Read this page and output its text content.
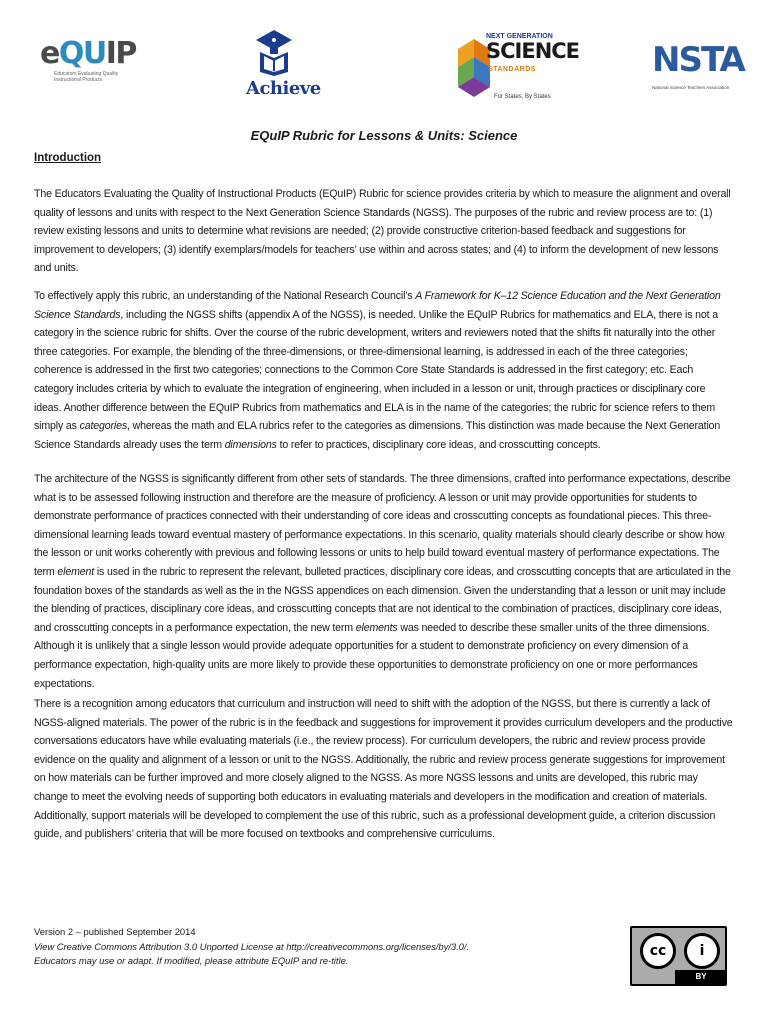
eQUIP
Educators Evaluating Quality Instructional Products	Achieve
NEXT GENERATION
SCIENCE
STANDARDS
For States, By States
NSTA
National Science Teachers Association
EQuIP Rubric for Lessons & Units: Science
Introduction

The Educators Evaluating the Quality of Instructional Products (EQuIP) Rubric for science provides criteria by which to measure the alignment and overall quality of lessons and units with respect to the Next Generation Science Standards (NGSS). The purposes of the rubric and review process are to: (1) review existing lessons and units to determine what revisions are needed; (2) provide constructive criterion-based feedback and suggestions for improvement to developers; (3) identify exemplars/models for teachers’ use within and across states; and (4) to inform the development of new lessons and units.

To effectively apply this rubric, an understanding of the National Research Council’s A Framework for K–12 Science Education and the Next Generation Science Standards, including the NGSS shifts (appendix A of the NGSS), is needed. Unlike the EQuIP Rubrics for mathematics and ELA, there is not a category in the science rubric for shifts. Over the course of the rubric development, writers and reviewers noted that the shifts fit naturally into the other three categories. For example, the blending of the three-dimensions, or three-dimensional learning, is addressed in each of the three categories; coherence is addressed in the first two categories; connections to the Common Core State Standards is addressed in the first category; etc. Each category includes criteria by which to evaluate the integration of engineering, when included in a lesson or unit, through practices or disciplinary core ideas. Another difference between the EQuIP Rubrics from mathematics and ELA is in the name of the categories; the rubric for science refers to them simply as categories, whereas the math and ELA rubrics refer to the categories as dimensions. This distinction was made because the Next Generation Science Standards already uses the term dimensions to refer to practices, disciplinary core ideas, and crosscutting concepts.

The architecture of the NGSS is significantly different from other sets of standards. The three dimensions, crafted into performance expectations, describe what is to be assessed following instruction and therefore are the measure of proficiency. A lesson or unit may provide opportunities for students to demonstrate performance of practices connected with their understanding of core ideas and crosscutting concepts as foundational pieces. This three-dimensional learning leads toward eventual mastery of performance expectations. In this scenario, quality materials should clearly describe or show how the lesson or unit works coherently with previous and following lessons or units to help build toward eventual mastery of performance expectations. The term element is used in the rubric to represent the relevant, bulleted practices, disciplinary core ideas, and crosscutting concepts that are articulated in the foundation boxes of the standards as well as the in the NGSS appendices on each dimension. Given the understanding that a lesson or unit may include the blending of practices, disciplinary core ideas, and crosscutting concepts that are not identical to the combination of practices, disciplinary core ideas, and crosscutting concepts in a performance expectation, the new term elements was needed to describe these smaller units of the three dimensions. Although it is unlikely that a single lesson would provide adequate opportunities for a student to demonstrate proficiency on every dimension of a performance expectation, high-quality units are more likely to provide these opportunities to demonstrate proficiency on one or more performances expectations.

There is a recognition among educators that curriculum and instruction will need to shift with the adoption of the NGSS, but there is currently a lack of NGSS-aligned materials. The power of the rubric is in the feedback and suggestions for improvement it provides curriculum developers and the productive conversations educators have while evaluating materials (i.e., the review process). For curriculum developers, the rubric and review process provide evidence on the quality and alignment of a lesson or unit to the NGSS. Additionally, the rubric and review process generate suggestions for improvement on how materials can be further improved and more closely aligned to the NGSS. As more NGSS lessons and units are developed, this rubric may change to meet the evolving needs of supporting both educators in evaluating materials and developers in the modification and creation of materials. Additionally, support materials will be developed to complement the use of this rubric, such as a professional development guide, a criterion discussion guide, and publishers’ criteria that will be more focused on textbooks and comprehensive curriculums.

Version 2 – published September 2014
View Creative Commons Attribution 3.0 Unported License at http://creativecommons.org/licenses/by/3.0/.
Educators may use or adapt. If modified, please attribute EQuIP and re-title.
cc	i
BY
